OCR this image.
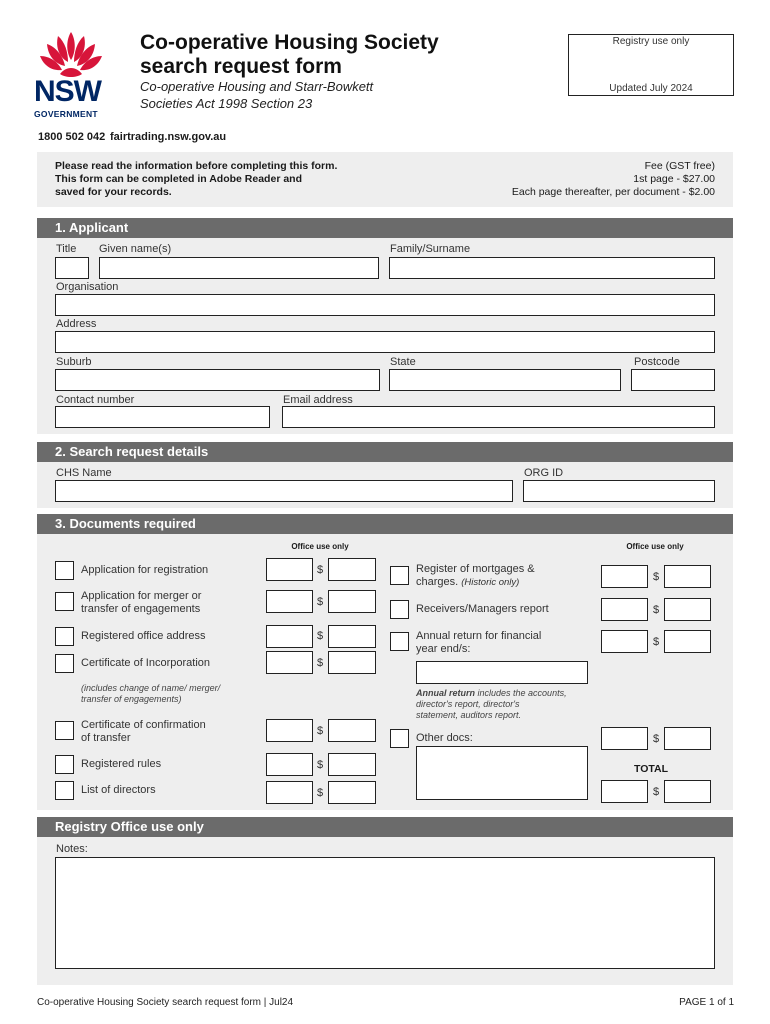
NSW
GOVERNMENT
Co-operative Housing Society
search request form
Co-operative Housing and Starr-Bowkett
Societies Act 1998 Section 23
Registry use only
Updated July 2024
1800 502 042 fairtrading.nsw.gov.au
Please read the information before completing this form.
This form can be completed in Adobe Reader and
saved for your records.
Fee (GST free)
1st page - $27.00
Each page thereafter, per document - $2.00
1. Applicant
Title Given name(s)	Family/Surname
Organisation
Address
Suburb	State	Postcode
Contact number	Email address
2. Search request details
CHS Name	ORG ID
3. Documents required
Office use only	Office use only
Application for registration	$
Application for merger or
transfer of engagements
$
Registered office address	$
Certificate of Incorporation	$
(includes change of name/ merger/
transfer of engagements)
Certificate of confirmation
of transfer
$
Registered rules	$
List of directors	$
Register of mortgages &
charges. (Historic only)	$
Receivers/Managers report	$
Annual return for financial
year end/s:
$
Annual return includes the accounts,
director's report, director's
statement, auditors report.
Other docs:	$
TOTAL
$
Registry Office use only
Notes:
Co-operative Housing Society search request form | Jul24	PAGE 1 of 1
